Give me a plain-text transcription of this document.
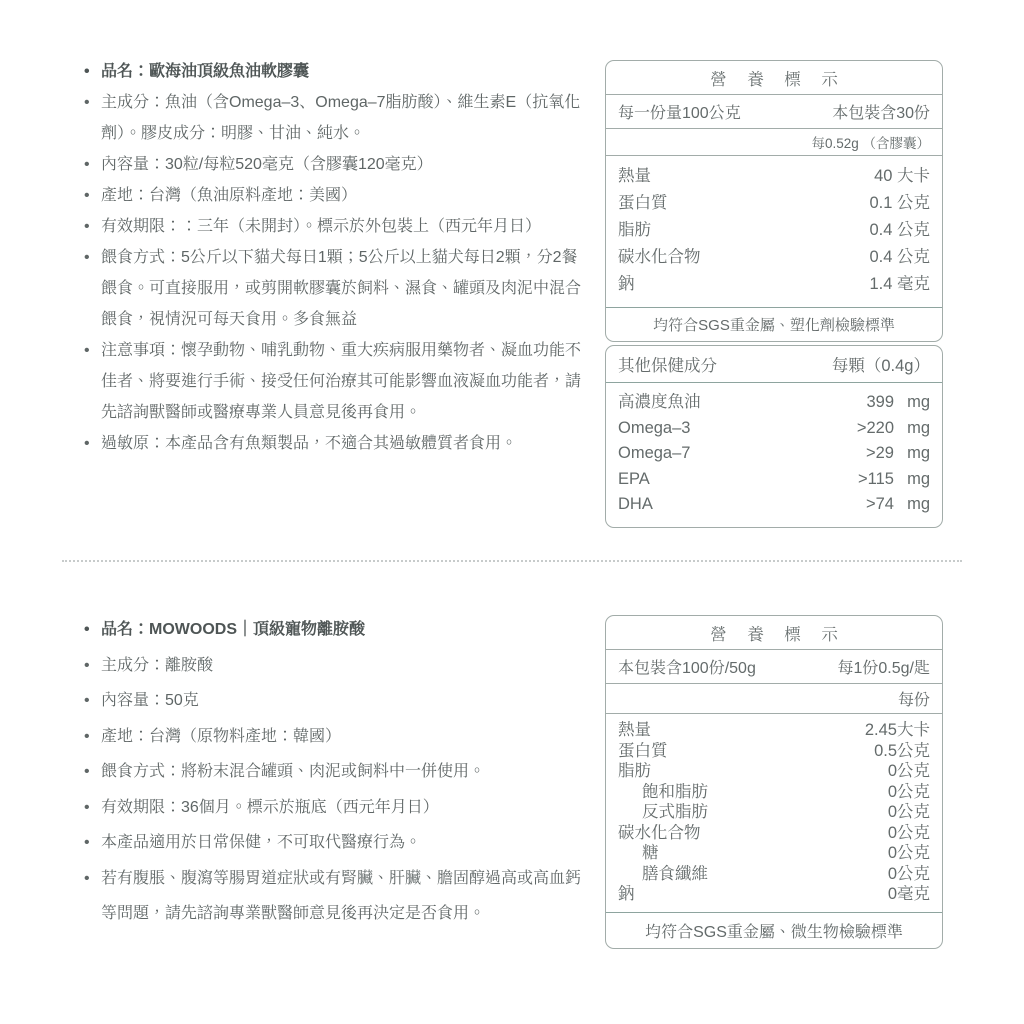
• 品名：歐海油頂級魚油軟膠囊
• 主成分：魚油（含Omega–3、Omega–7脂肪酸）、維生素E（抗氧化劑）。膠皮成分：明膠、甘油、純水。
• 內容量：30粒/每粒520毫克（含膠囊120毫克）
• 產地：台灣（魚油原料產地：美國）
• 有效期限：：三年（未開封）。標示於外包裝上（西元年月日）
• 餵食方式：5公斤以下貓犬每日1顆；5公斤以上貓犬每日2顆，分2餐餵食。可直接服用，或剪開軟膠囊於飼料、濕食、罐頭及肉泥中混合餵食，視情況可每天食用。多食無益
• 注意事項：懷孕動物、哺乳動物、重大疾病服用藥物者、凝血功能不佳者、將要進行手術、接受任何治療其可能影響血液凝血功能者，請先諮詢獸醫師或醫療專業人員意見後再食用。
• 過敏原：本產品含有魚類製品，不適合其過敏體質者食用。
營 養 標 示
每一份量100公克	本包裝含30份
每0.52g （含膠囊）
熱量	40 大卡
蛋白質	0.1 公克
脂肪	0.4 公克
碳水化合物	0.4 公克
鈉	1.4 毫克
均符合SGS重金屬、塑化劑檢驗標準
其他保健成分	每顆（0.4g）
高濃度魚油	399 mg
Omega–3	>220 mg
Omega–7	>29 mg
EPA	>115 mg
DHA	>74 mg
• 品名：MOWOODS｜頂級寵物離胺酸
• 主成分：離胺酸
• 內容量：50克
• 產地：台灣（原物料產地：韓國）
• 餵食方式：將粉末混合罐頭、肉泥或飼料中一併使用。
• 有效期限：36個月。標示於瓶底（西元年月日）
• 本產品適用於日常保健，不可取代醫療行為。
• 若有腹脹、腹瀉等腸胃道症狀或有腎臟、肝臟、膽固醇過高或高血鈣等問題，請先諮詢專業獸醫師意見後再決定是否食用。
營 養 標 示
本包裝含100份/50g	每1份0.5g/匙
每份
熱量	2.45大卡
蛋白質	0.5公克
脂肪	0公克
飽和脂肪	0公克
反式脂肪	0公克
碳水化合物	0公克
糖	0公克
膳食纖維	0公克
鈉	0毫克
均符合SGS重金屬、微生物檢驗標準
